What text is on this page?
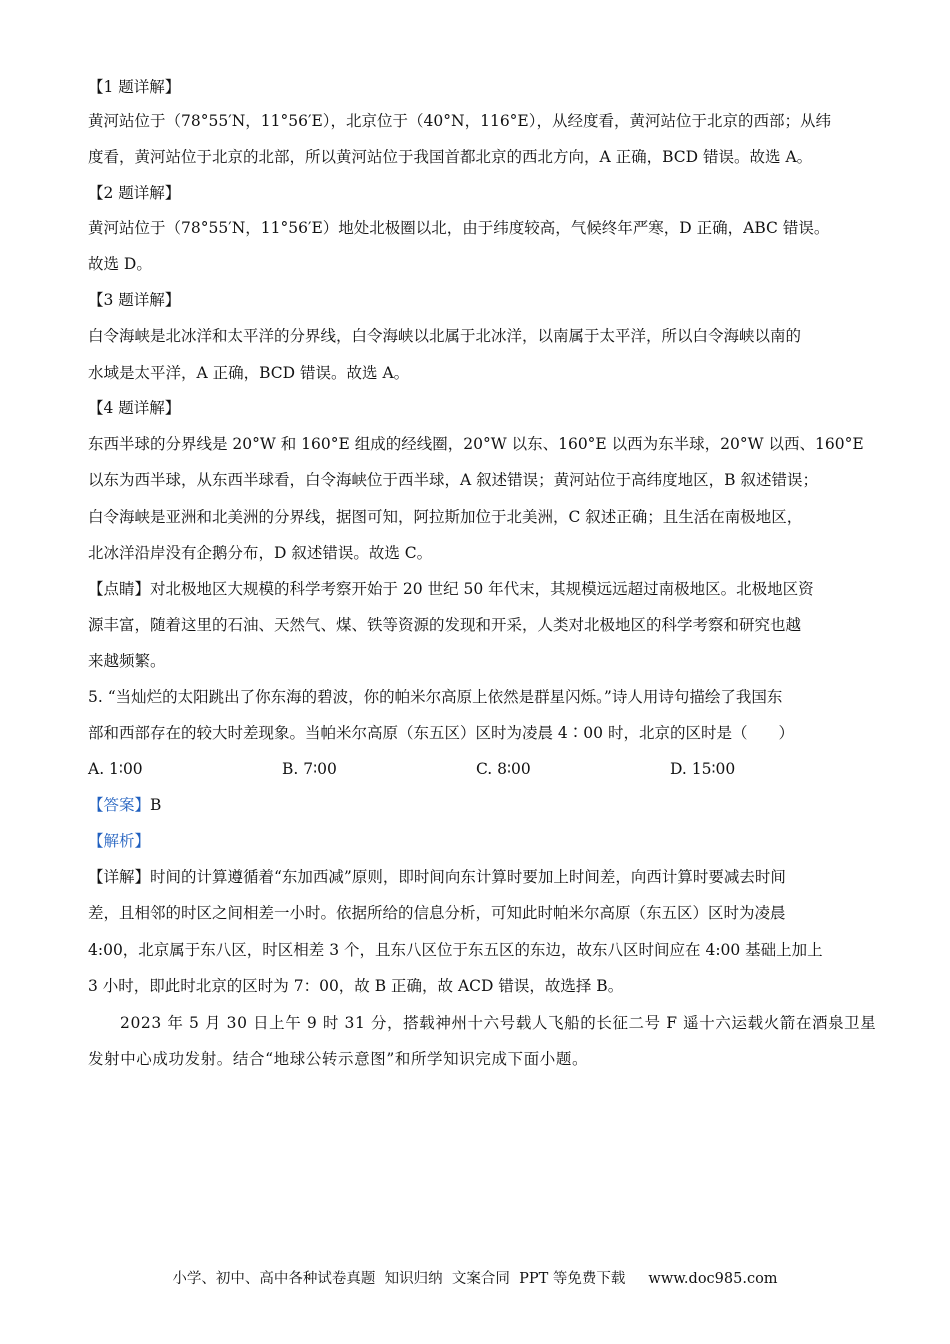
【1 题详解】
黄河站位于（78°55′N，11°56′E），北京位于（40°N，116°E），从经度看，黄河站位于北京的西部；从纬
度看，黄河站位于北京的北部，所以黄河站位于我国首都北京的西北方向，A 正确，BCD 错误。故选 A。
【2 题详解】
黄河站位于（78°55′N，11°56′E）地处北极圈以北，由于纬度较高，气候终年严寒，D 正确，ABC 错误。
故选 D。
【3 题详解】
白令海峡是北冰洋和太平洋的分界线，白令海峡以北属于北冰洋，以南属于太平洋，所以白令海峡以南的
水域是太平洋，A 正确，BCD 错误。故选 A。
【4 题详解】
东西半球的分界线是 20°W 和 160°E 组成的经线圈，20°W 以东、160°E 以西为东半球，20°W 以西、160°E
以东为西半球，从东西半球看，白令海峡位于西半球，A 叙述错误；黄河站位于高纬度地区，B 叙述错误；
白令海峡是亚洲和北美洲的分界线，据图可知，阿拉斯加位于北美洲，C 叙述正确；且生活在南极地区，
北冰洋沿岸没有企鹅分布，D 叙述错误。故选 C。
【点睛】对北极地区大规模的科学考察开始于 20 世纪 50 年代末，其规模远远超过南极地区。北极地区资
源丰富，随着这里的石油、天然气、煤、铁等资源的发现和开采，人类对北极地区的科学考察和研究也越
来越频繁。
5. “当灿烂的太阳跳出了你东海的碧波，你的帕米尔高原上依然是群星闪烁。”诗人用诗句描绘了我国东
部和西部存在的较大时差现象。当帕米尔高原（东五区）区时为凌晨 4∶00 时，北京的区时是（　　）
A. 1∶00	B. 7∶00	C. 8∶00	D. 15∶00
【答案】B
【解析】
【详解】时间的计算遵循着“东加西减”原则，即时间向东计算时要加上时间差，向西计算时要减去时间
差，且相邻的时区之间相差一小时。依据所给的信息分析，可知此时帕米尔高原（东五区）区时为凌晨
4:00，北京属于东八区，时区相差 3 个，且东八区位于东五区的东边，故东八区时间应在 4:00 基础上加上
3 小时，即此时北京的区时为 7：00，故 B 正确，故 ACD 错误，故选择 B。
2023 年 5 月 30 日上午 9 时 31 分，搭载神州十六号载人飞船的长征二号 F 遥十六运载火箭在酒泉卫星
发射中心成功发射。结合“地球公转示意图”和所学知识完成下面小题。
小学、初中、高中各种试卷真题  知识归纳  文案合同  PPT 等免费下载     www.doc985.com
